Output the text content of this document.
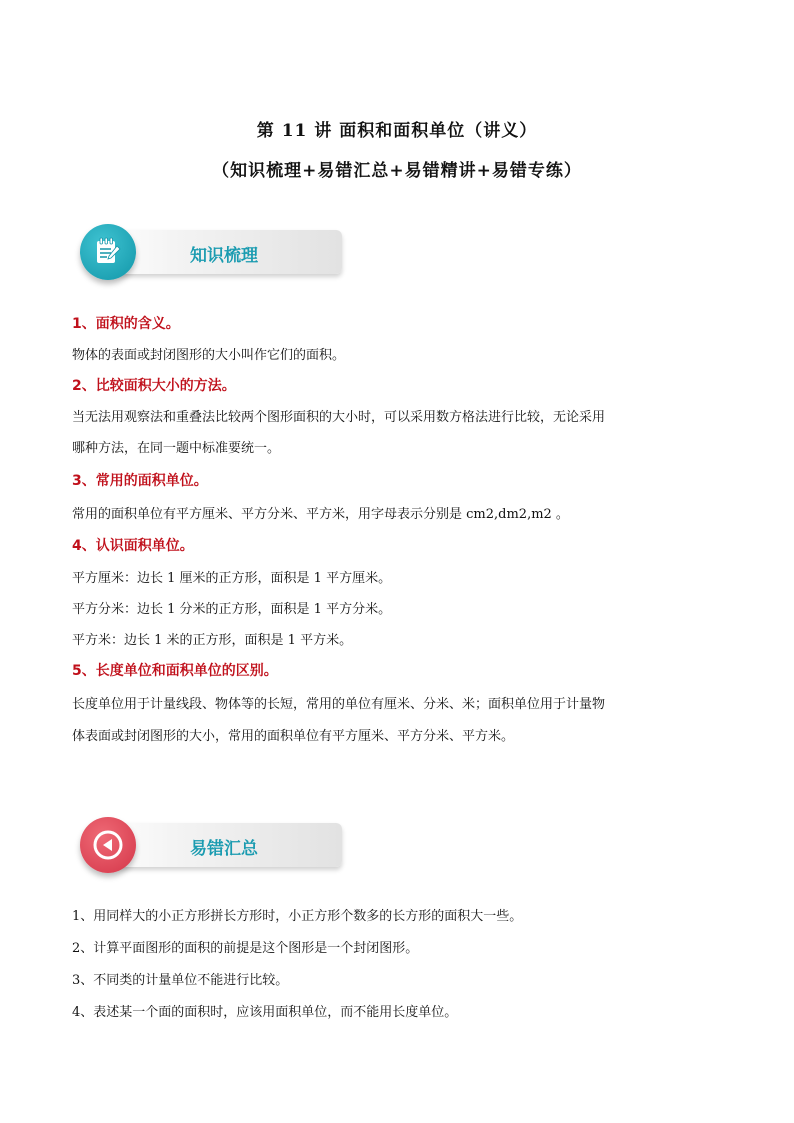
第 11 讲 面积和面积单位（讲义）
（知识梳理+易错汇总+易错精讲+易错专练）
知识梳理
1、面积的含义。
物体的表面或封闭图形的大小叫作它们的面积。
2、比较面积大小的方法。
当无法用观察法和重叠法比较两个图形面积的大小时，可以采用数方格法进行比较，无论采用
哪种方法，在同一题中标准要统一。
3、常用的面积单位。
常用的面积单位有平方厘米、平方分米、平方米，用字母表示分别是 cm2,dm2,m2 。
4、认识面积单位。
平方厘米：边长 1 厘米的正方形，面积是 1 平方厘米。
平方分米：边长 1 分米的正方形，面积是 1 平方分米。
平方米：边长 1 米的正方形，面积是 1 平方米。
5、长度单位和面积单位的区别。
长度单位用于计量线段、物体等的长短，常用的单位有厘米、分米、米；面积单位用于计量物
体表面或封闭图形的大小，常用的面积单位有平方厘米、平方分米、平方米。
易错汇总
1、用同样大的小正方形拼长方形时，小正方形个数多的长方形的面积大一些。
2、计算平面图形的面积的前提是这个图形是一个封闭图形。
3、不同类的计量单位不能进行比较。
4、表述某一个面的面积时，应该用面积单位，而不能用长度单位。
